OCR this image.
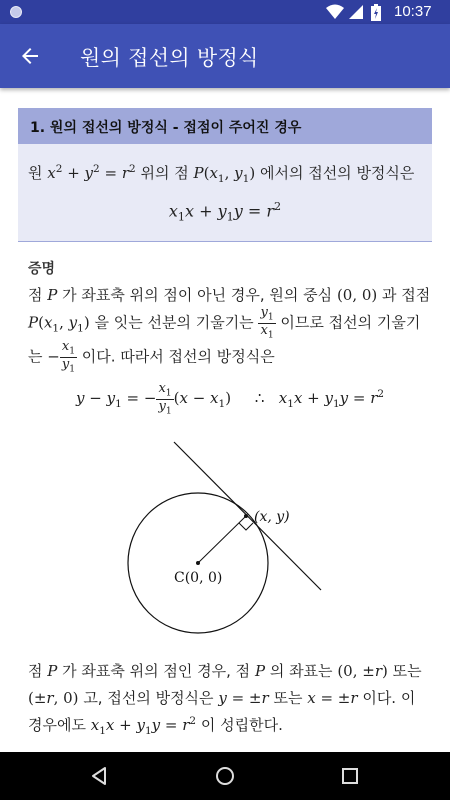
10:37
원의 접선의 방정식
1. 원의 접선의 방정식 - 접점이 주어진 경우
원 $x^2 + y^2 = r^2$ 위의 점 $P(x_1$, $y_1$) 에서의 접선의 방정식은
$x_1x + y_1y = r^2$
증명
점 P 가 좌표축 위의 점이 아닌 경우, 원의 중심 (0, 0) 과 접점
$P(x_1$, $y_1$) 을 잇는 선분의 기울기는 $\frac{y_1}{x_1}$ 이므로 접선의 기울기
는 − $\frac{x_1}{y_1}$ 이다. 따라서 접선의 방정식은
$y - y_1$ = − $\frac{x_1}{y_1} (x - x_1)$     ∴   $x_1x + y_1y = r^2$
(x, y)
C(0, 0)
점 P 가 좌표축 위의 점인 경우, 점 P 의 좌표는 (0, ±r) 또는
(±r, 0) 고, 접선의 방정식은 y = ±r 또는 x = ±r 이다. 이
경우에도 $x_1x + y_1y = r^2$ 이 성립한다.
